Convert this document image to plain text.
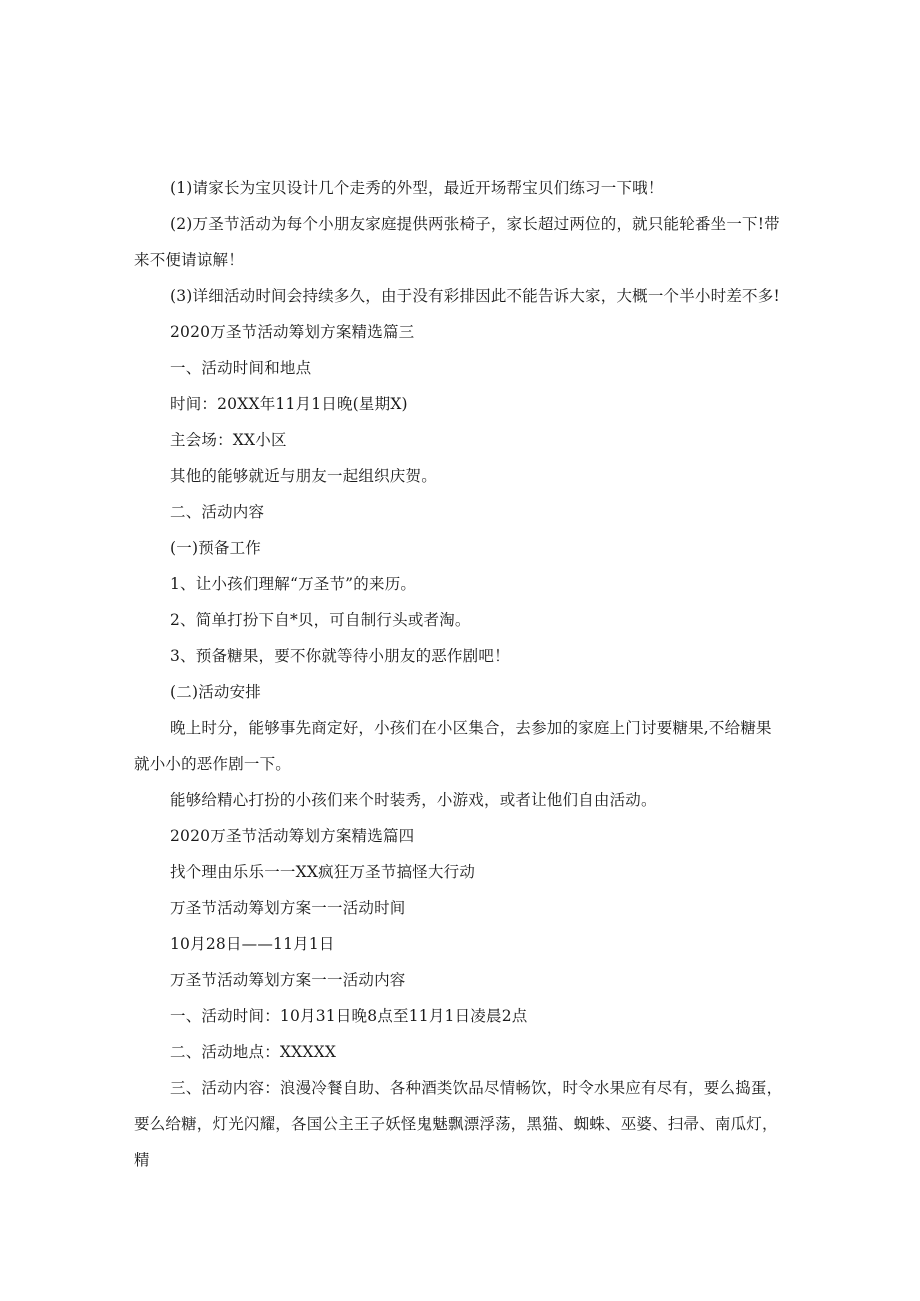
(1)请家长为宝贝设计几个走秀的外型，最近开场帮宝贝们练习一下哦！

(2)万圣节活动为每个小朋友家庭提供两张椅子，家长超过两位的，就只能轮番坐一下!带来不便请谅解！

(3)详细活动时间会持续多久，由于没有彩排因此不能告诉大家，大概一个半小时差不多!

2020万圣节活动筹划方案精选篇三

一、活动时间和地点

时间：20XX年11月1日晚(星期X)

主会场：XX小区

其他的能够就近与朋友一起组织庆贺。

二、活动内容

(一)预备工作

1、让小孩们理解“万圣节”的来历。

2、简单打扮下自*贝，可自制行头或者淘。

3、预备糖果，要不你就等待小朋友的恶作剧吧！

(二)活动安排

晚上时分，能够事先商定好，小孩们在小区集合，去参加的家庭上门讨要糖果,不给糖果就小小的恶作剧一下。

能够给精心打扮的小孩们来个时装秀，小游戏，或者让他们自由活动。

2020万圣节活动筹划方案精选篇四

找个理由乐乐一一XX疯狂万圣节搞怪大行动

万圣节活动筹划方案一一活动时间

10月28日——11月1日

万圣节活动筹划方案一一活动内容

一、活动时间：10月31日晚8点至11月1日凌晨2点

二、活动地点：XXXXX

三、活动内容：浪漫冷餐自助、各种酒类饮品尽情畅饮，时令水果应有尽有，要么捣蛋，要么给糖，灯光闪耀，各国公主王子妖怪鬼魅飘漂浮荡，黑猫、蜘蛛、巫婆、扫帚、南瓜灯，精
